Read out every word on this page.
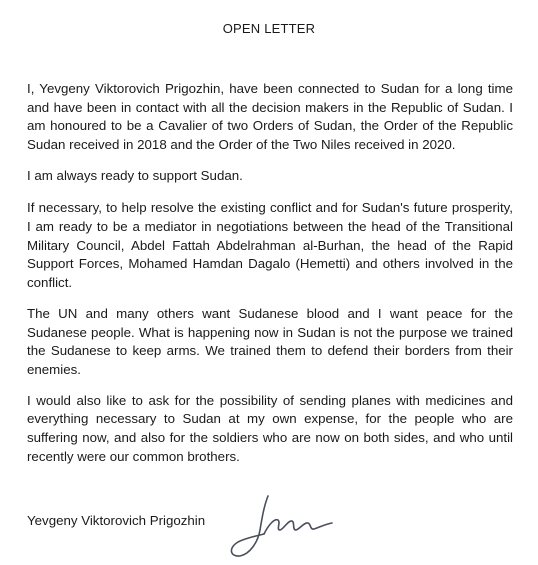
OPEN LETTER

I, Yevgeny Viktorovich Prigozhin, have been connected to Sudan for a long time and have been in contact with all the decision makers in the Republic of Sudan. I am honoured to be a Cavalier of two Orders of Sudan, the Order of the Republic Sudan received in 2018 and the Order of the Two Niles received in 2020.

I am always ready to support Sudan.

If necessary, to help resolve the existing conflict and for Sudan's future prosperity, I am ready to be a mediator in negotiations between the head of the Transitional Military Council, Abdel Fattah Abdelrahman al-Burhan, the head of the Rapid Support Forces, Mohamed Hamdan Dagalo (Hemetti) and others involved in the conflict.

The UN and many others want Sudanese blood and I want peace for the Sudanese people. What is happening now in Sudan is not the purpose we trained the Sudanese to keep arms. We trained them to defend their borders from their enemies.

I would also like to ask for the possibility of sending planes with medicines and everything necessary to Sudan at my own expense, for the people who are suffering now, and also for the soldiers who are now on both sides, and who until recently were our common brothers.

Yevgeny Viktorovich Prigozhin
